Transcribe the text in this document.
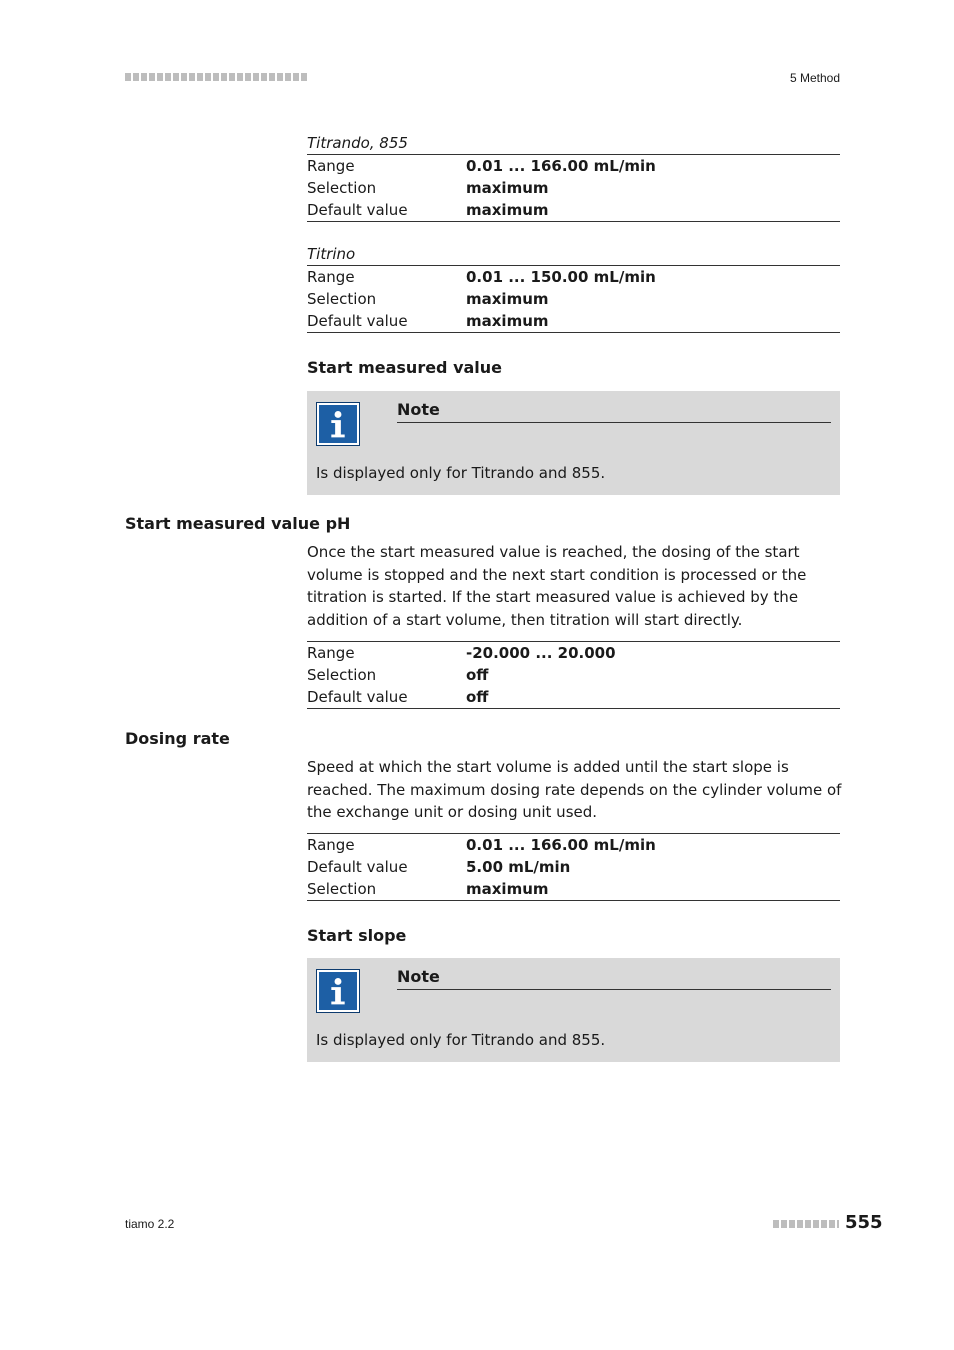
5 Method
Titrando, 855
Range	0.01 ... 166.00 mL/min
Selection	maximum
Default value	maximum
Titrino
Range	0.01 ... 150.00 mL/min
Selection	maximum
Default value	maximum
Start measured value
Note
Is displayed only for Titrando and 855.
Start measured value pH
Once the start measured value is reached, the dosing of the start volume is stopped and the next start condition is processed or the titration is started. If the start measured value is achieved by the addition of a start volume, then titration will start directly.
Range	-20.000 ... 20.000
Selection	off
Default value	off
Dosing rate
Speed at which the start volume is added until the start slope is reached. The maximum dosing rate depends on the cylinder volume of the exchange unit or dosing unit used.
Range	0.01 ... 166.00 mL/min
Default value	5.00 mL/min
Selection	maximum
Start slope
Note
Is displayed only for Titrando and 855.
tiamo 2.2	555
